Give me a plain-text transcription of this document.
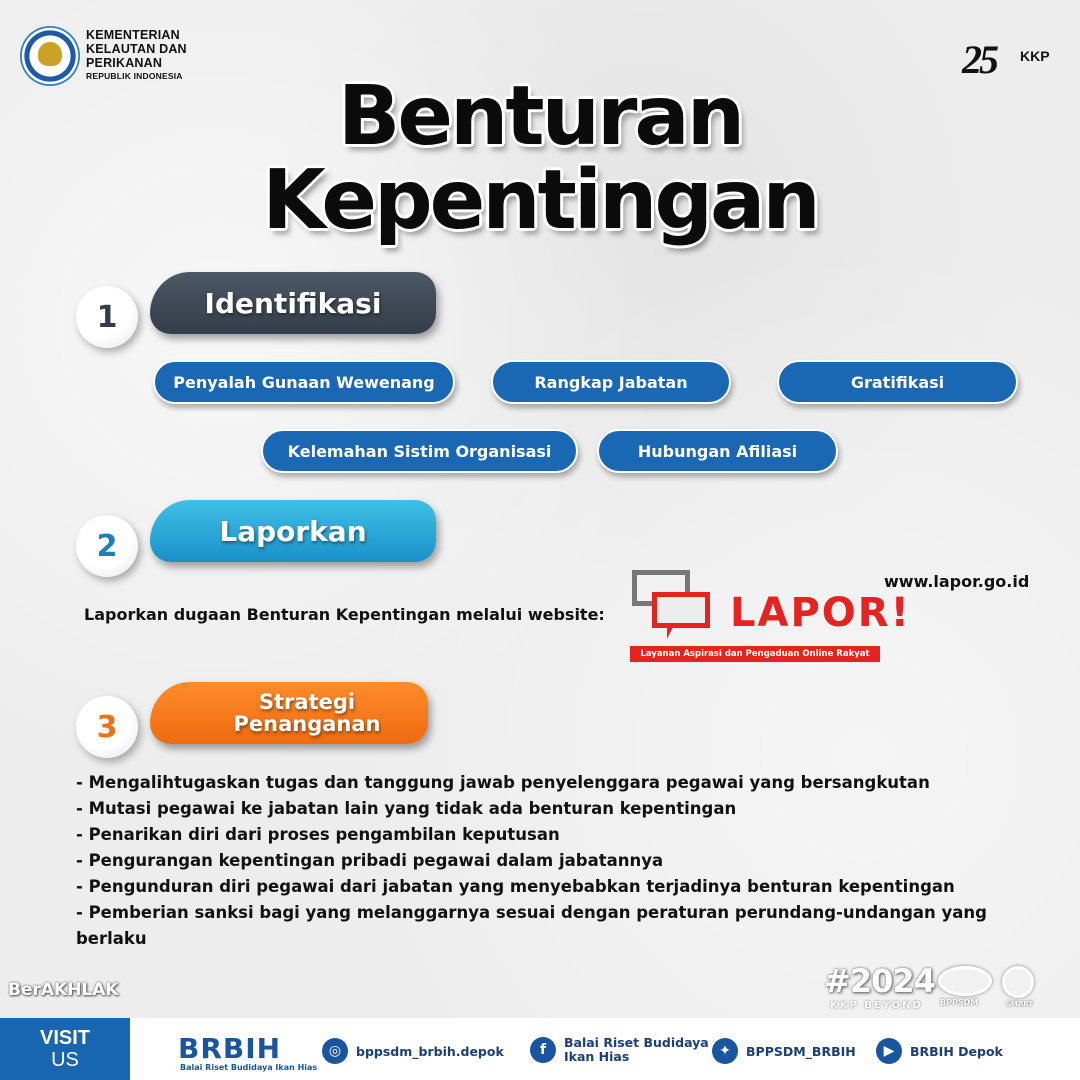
KEMENTERIAN
KELAUTAN DAN
PERIKANAN
REPUBLIK INDONESIA	25 KKP
Benturan
Kepentingan
Identifikasi
1
Penyalah Gunaan Wewenang	Rangkap Jabatan	Gratifikasi
Kelemahan Sistim Organisasi	Hubungan Afiliasi
Laporkan
2
Laporkan dugaan Benturan Kepentingan melalui website:
www.lapor.go.id
LAPOR!
Layanan Aspirasi dan Pengaduan Online Rakyat
Strategi
Penanganan
3
- Mengalihtugaskan tugas dan tanggung jawab penyelenggara pegawai yang bersangkutan
- Mutasi pegawai ke jabatan lain yang tidak ada benturan kepentingan
- Penarikan diri dari proses pengambilan keputusan
- Pengurangan kepentingan pribadi pegawai dalam jabatannya
- Pengunduran diri pegawai dari jabatan yang menyebabkan terjadinya benturan kepentingan
- Pemberian sanksi bagi yang melanggarnya sesuai dengan peraturan perundang-undangan yang berlaku
BerAKHLAK	#2024
KKP BEYOND BPPSDM	SMART
VISIT
US	BRBIH
Balai Riset Budidaya Ikan Hias
◎	bppsdm_brbih.depok	f	Balai Riset Budidaya
Ikan Hias	✦	BPPSDM_BRBIH	▶	BRBIH Depok
